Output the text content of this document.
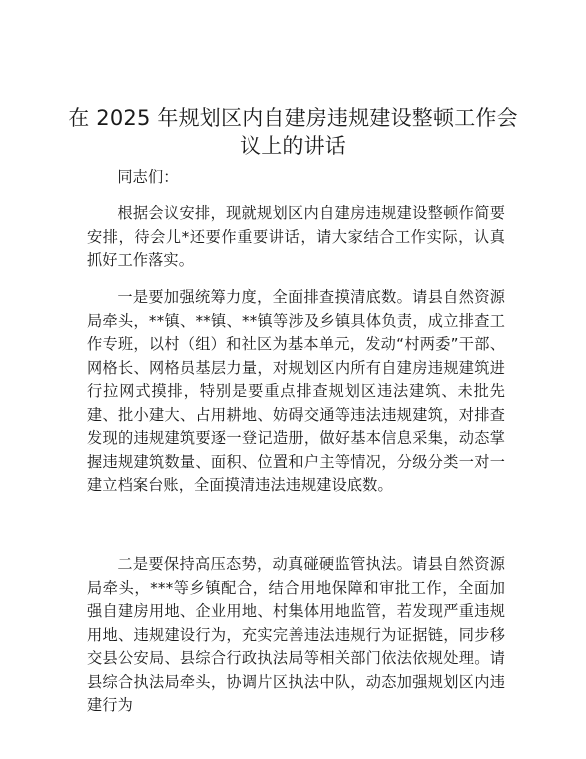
在 2025 年规划区内自建房违规建设整顿工作会
议上的讲话

同志们：

根据会议安排，现就规划区内自建房违规建设整顿作简要安排，待会儿*还要作重要讲话，请大家结合工作实际，认真抓好工作落实。

一是要加强统筹力度，全面排查摸清底数。请县自然资源局牵头，**镇、**镇、**镇等涉及乡镇具体负责，成立排查工作专班，以村（组）和社区为基本单元，发动“村两委”干部、网格长、网格员基层力量，对规划区内所有自建房违规建筑进行拉网式摸排，特别是要重点排查规划区违法建筑、未批先建、批小建大、占用耕地、妨碍交通等违法违规建筑，对排查发现的违规建筑要逐一登记造册，做好基本信息采集，动态掌握违规建筑数量、面积、位置和户主等情况，分级分类一对一建立档案台账，全面摸清违法违规建设底数。

二是要保持高压态势，动真碰硬监管执法。请县自然资源局牵头，***等乡镇配合，结合用地保障和审批工作，全面加强自建房用地、企业用地、村集体用地监管，若发现严重违规用地、违规建设行为，充实完善违法违规行为证据链，同步移交县公安局、县综合行政执法局等相关部门依法依规处理。请县综合执法局牵头，协调片区执法中队，动态加强规划区内违建行为
